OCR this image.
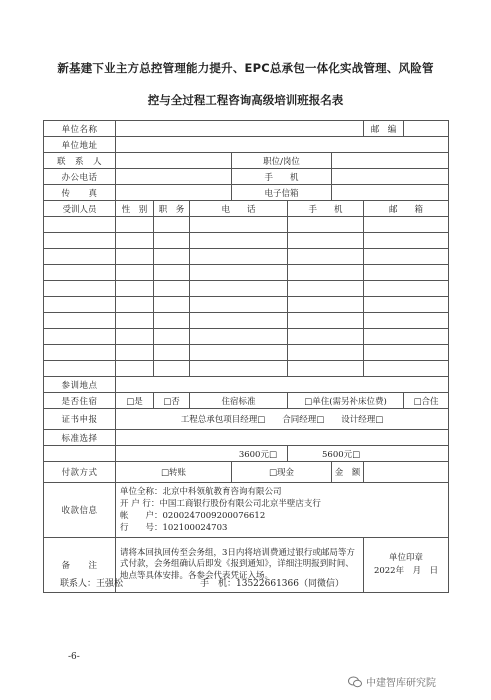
新基建下业主方总控管理能力提升、EPC总承包一体化实战管理、风险管
控与全过程工程咨询高级培训班报名表
单位名称							邮　编	
单位地址								
联　系　人				职位/岗位				
办公电话				手　　机				
传　　真				电子信箱				
受训人员	性　别	职　务	电　　话		手　　机		邮　　箱	

参训地点								
是否住宿	□是	□否	住宿标准		□单住(需另补床位费)			□合住
证书申报	工程总承包项目经理□　　合同经理□　　设计经理□							
标准选择								
	3600元□				5600元□			
付款方式	□转账			□现金		金　额		
收款信息	单位全称：北京中科领航教育咨询有限公司
开 户 行：中国工商银行股份有限公司北京半壁店支行
帐　　户：0200247009200076612
行　　号：102100024703							

备　　注	请将本回执回传至会务组，3日内将培训费通过银行或邮局等方式付款，会务组确认后即发《报到通知》，详细注明报到时间、地点等具体安排。各参会代表凭证入场。						单位印章
2022年　月　日	
联系人：王强松	手　机：13522661366（同微信）
-6-
中建智库研究院
